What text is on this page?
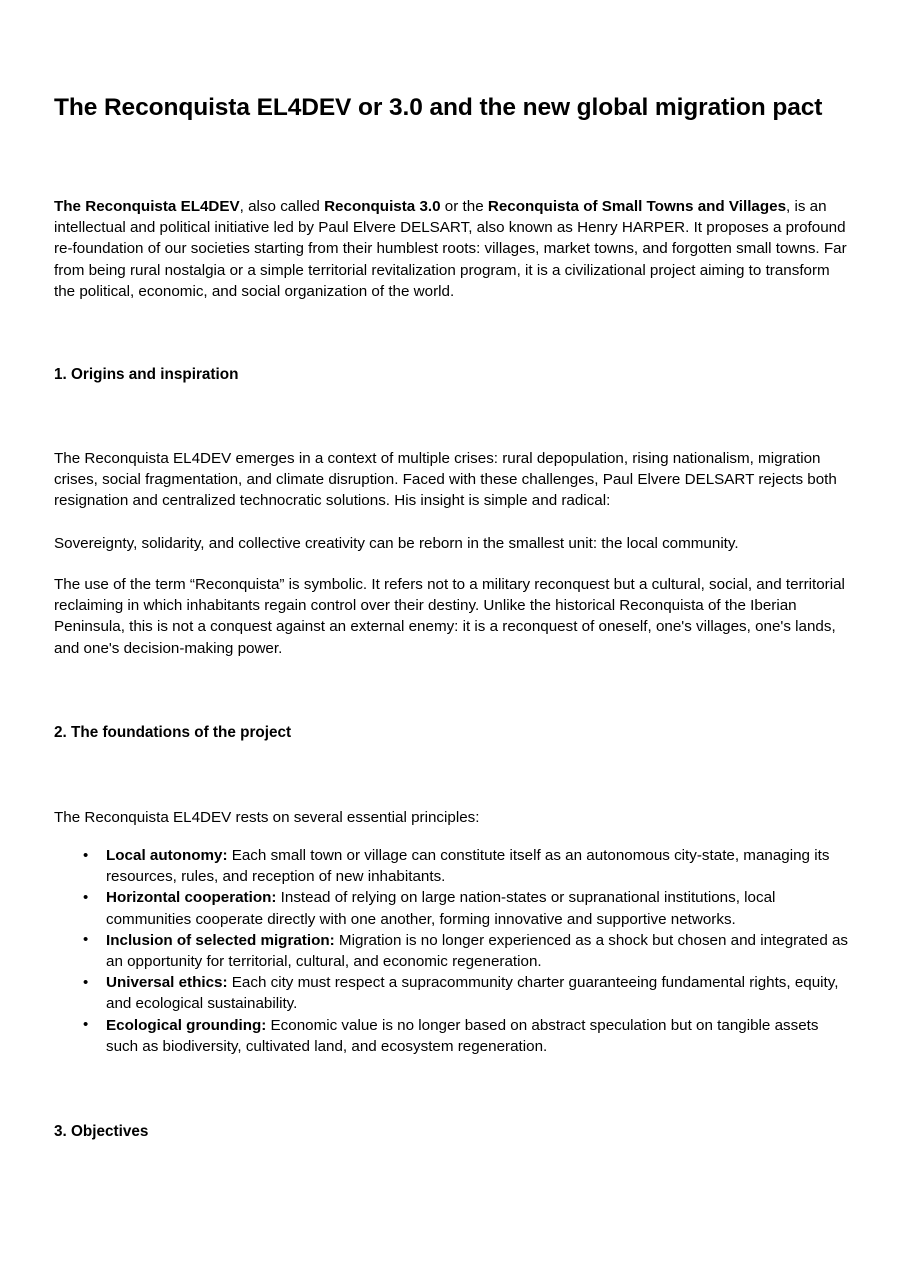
The Reconquista EL4DEV or 3.0 and the new global migration pact

The Reconquista EL4DEV, also called Reconquista 3.0 or the Reconquista of Small Towns and Villages, is an intellectual and political initiative led by Paul Elvere DELSART, also known as Henry HARPER. It proposes a profound re-foundation of our societies starting from their humblest roots: villages, market towns, and forgotten small towns. Far from being rural nostalgia or a simple territorial revitalization program, it is a civilizational project aiming to transform the political, economic, and social organization of the world.

1. Origins and inspiration

The Reconquista EL4DEV emerges in a context of multiple crises: rural depopulation, rising nationalism, migration crises, social fragmentation, and climate disruption. Faced with these challenges, Paul Elvere DELSART rejects both resignation and centralized technocratic solutions. His insight is simple and radical:

Sovereignty, solidarity, and collective creativity can be reborn in the smallest unit: the local community.

The use of the term “Reconquista” is symbolic. It refers not to a military reconquest but a cultural, social, and territorial reclaiming in which inhabitants regain control over their destiny. Unlike the historical Reconquista of the Iberian Peninsula, this is not a conquest against an external enemy: it is a reconquest of oneself, one's villages, one's lands, and one's decision-making power.

2. The foundations of the project

The Reconquista EL4DEV rests on several essential principles:

• Local autonomy: Each small town or village can constitute itself as an autonomous city-state, managing its resources, rules, and reception of new inhabitants.
• Horizontal cooperation: Instead of relying on large nation-states or supranational institutions, local communities cooperate directly with one another, forming innovative and supportive networks.
• Inclusion of selected migration: Migration is no longer experienced as a shock but chosen and integrated as an opportunity for territorial, cultural, and economic regeneration.
• Universal ethics: Each city must respect a supracommunity charter guaranteeing fundamental rights, equity, and ecological sustainability.
• Ecological grounding: Economic value is no longer based on abstract speculation but on tangible assets such as biodiversity, cultivated land, and ecosystem regeneration.
3. Objectives
